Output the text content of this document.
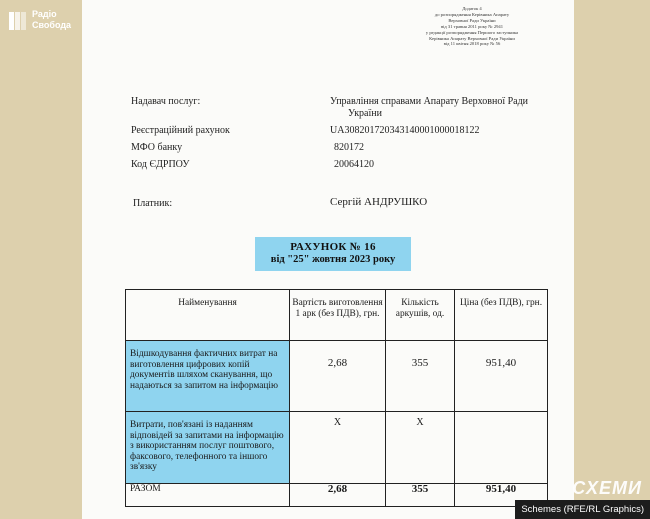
Радіо
Свобода
Додаток 4
до розпорядження Керівника Апарату
Верховної Ради України
від 31 травня 2011 року № 2941
у редакції розпорядження Першого заступника
Керівника Апарату Верховної Ради України
від 11 квітня 2018 року № 56
Надавач послуг:	Управління справами Апарату Верховної Ради
України
Реєстраційний рахунок	UA308201720343140001000018122
МФО банку	820172
Код ЄДРПОУ	20064120
Платник:	Сергій АНДРУШКО
РАХУНОК № 16
від "25" жовтня 2023 року
Найменування	Вартість виготовлення 1 арк (без ПДВ), грн.	Кількість аркушів, од.	Ціна (без ПДВ), грн.
Відшкодування фактичних витрат на виготовлення цифрових копій документів шляхом сканування, що надаються за запитом на інформацію	2,68	355	951,40
Витрати, пов'язані із наданням відповідей за запитами на інформацію з використанням послуг поштового, факсового, телефонного та іншого зв'язку	Х	Х	
РАЗОМ	2,68	355	951,40	СХЕМИ
Schemes (RFE/RL Graphics)
